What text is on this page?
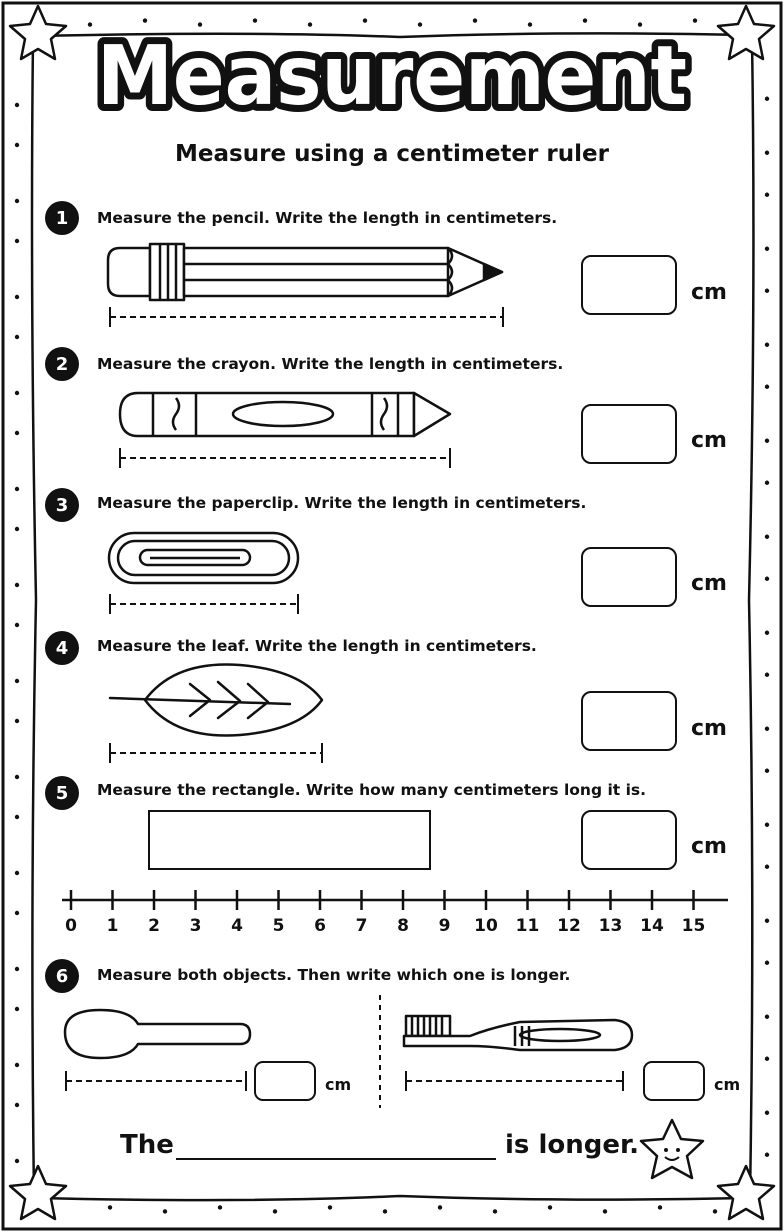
Measurement
Measure using a centimeter ruler
1	Measure the pencil. Write the length in centimeters.
cm
2	Measure the crayon. Write the length in centimeters.
cm
3	Measure the paperclip. Write the length in centimeters.
cm
4	Measure the leaf. Write the length in centimeters.
cm
5	Measure the rectangle. Write how many centimeters long it is.
cm
0	1	2	3	4	5	6	7	8	9	10 11 12 13 14 15
6	Measure both objects. Then write which one is longer.
cm	cm
The	is longer.
